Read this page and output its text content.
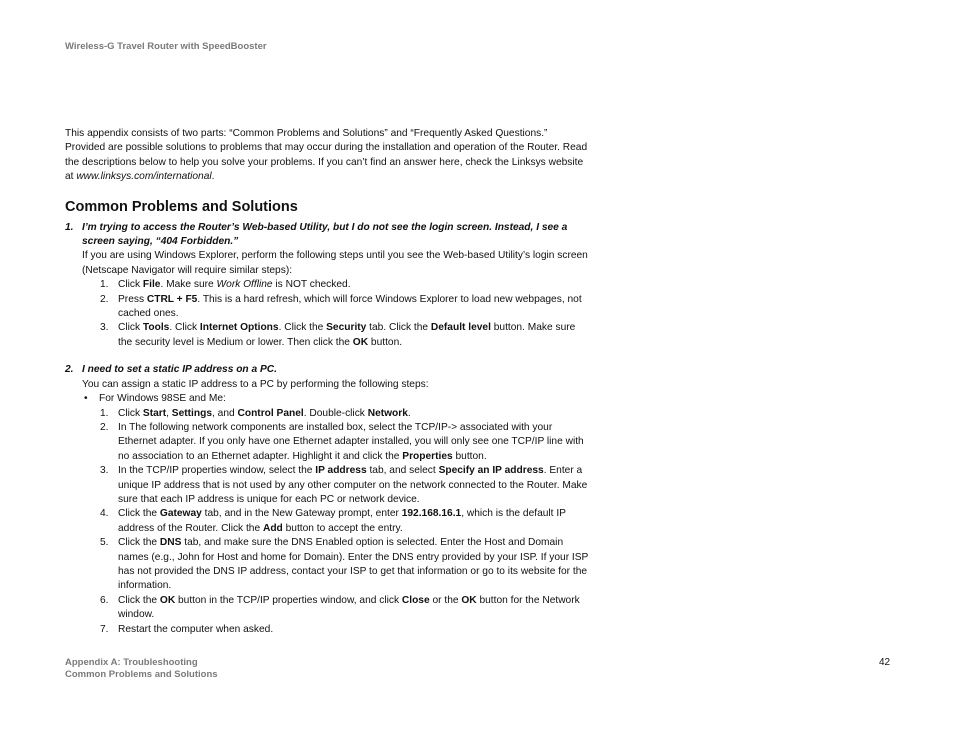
Wireless-G Travel Router with SpeedBooster

This appendix consists of two parts: “Common Problems and Solutions” and “Frequently Asked Questions.” Provided are possible solutions to problems that may occur during the installation and operation of the Router. Read the descriptions below to help you solve your problems. If you can’t find an answer here, check the Linksys website at www.linksys.com/international.

Common Problems and Solutions

1. I’m trying to access the Router’s Web-based Utility, but I do not see the login screen. Instead, I see a screen saying, “404 Forbidden.”

If you are using Windows Explorer, perform the following steps until you see the Web-based Utility’s login screen (Netscape Navigator will require similar steps):

1. Click File. Make sure Work Offline is NOT checked.

2. Press CTRL + F5. This is a hard refresh, which will force Windows Explorer to load new webpages, not cached ones.

3. Click Tools. Click Internet Options. Click the Security tab. Click the Default level button. Make sure the security level is Medium or lower. Then click the OK button.

2. I need to set a static IP address on a PC.

You can assign a static IP address to a PC by performing the following steps:

•	For Windows 98SE and Me:

1. Click Start, Settings, and Control Panel. Double-click Network.

2. In The following network components are installed box, select the TCP/IP-> associated with your Ethernet adapter. If you only have one Ethernet adapter installed, you will only see one TCP/IP line with no association to an Ethernet adapter. Highlight it and click the Properties button.

3. In the TCP/IP properties window, select the IP address tab, and select Specify an IP address. Enter a unique IP address that is not used by any other computer on the network connected to the Router. Make sure that each IP address is unique for each PC or network device.

4. Click the Gateway tab, and in the New Gateway prompt, enter 192.168.16.1, which is the default IP address of the Router. Click the Add button to accept the entry.

5. Click the DNS tab, and make sure the DNS Enabled option is selected. Enter the Host and Domain names (e.g., John for Host and home for Domain). Enter the DNS entry provided by your ISP. If your ISP has not provided the DNS IP address, contact your ISP to get that information or go to its website for the information.

6. Click the OK button in the TCP/IP properties window, and click Close or the OK button for the Network window.

7. Restart the computer when asked.

Appendix A: Troubleshooting
Common Problems and Solutions
42
